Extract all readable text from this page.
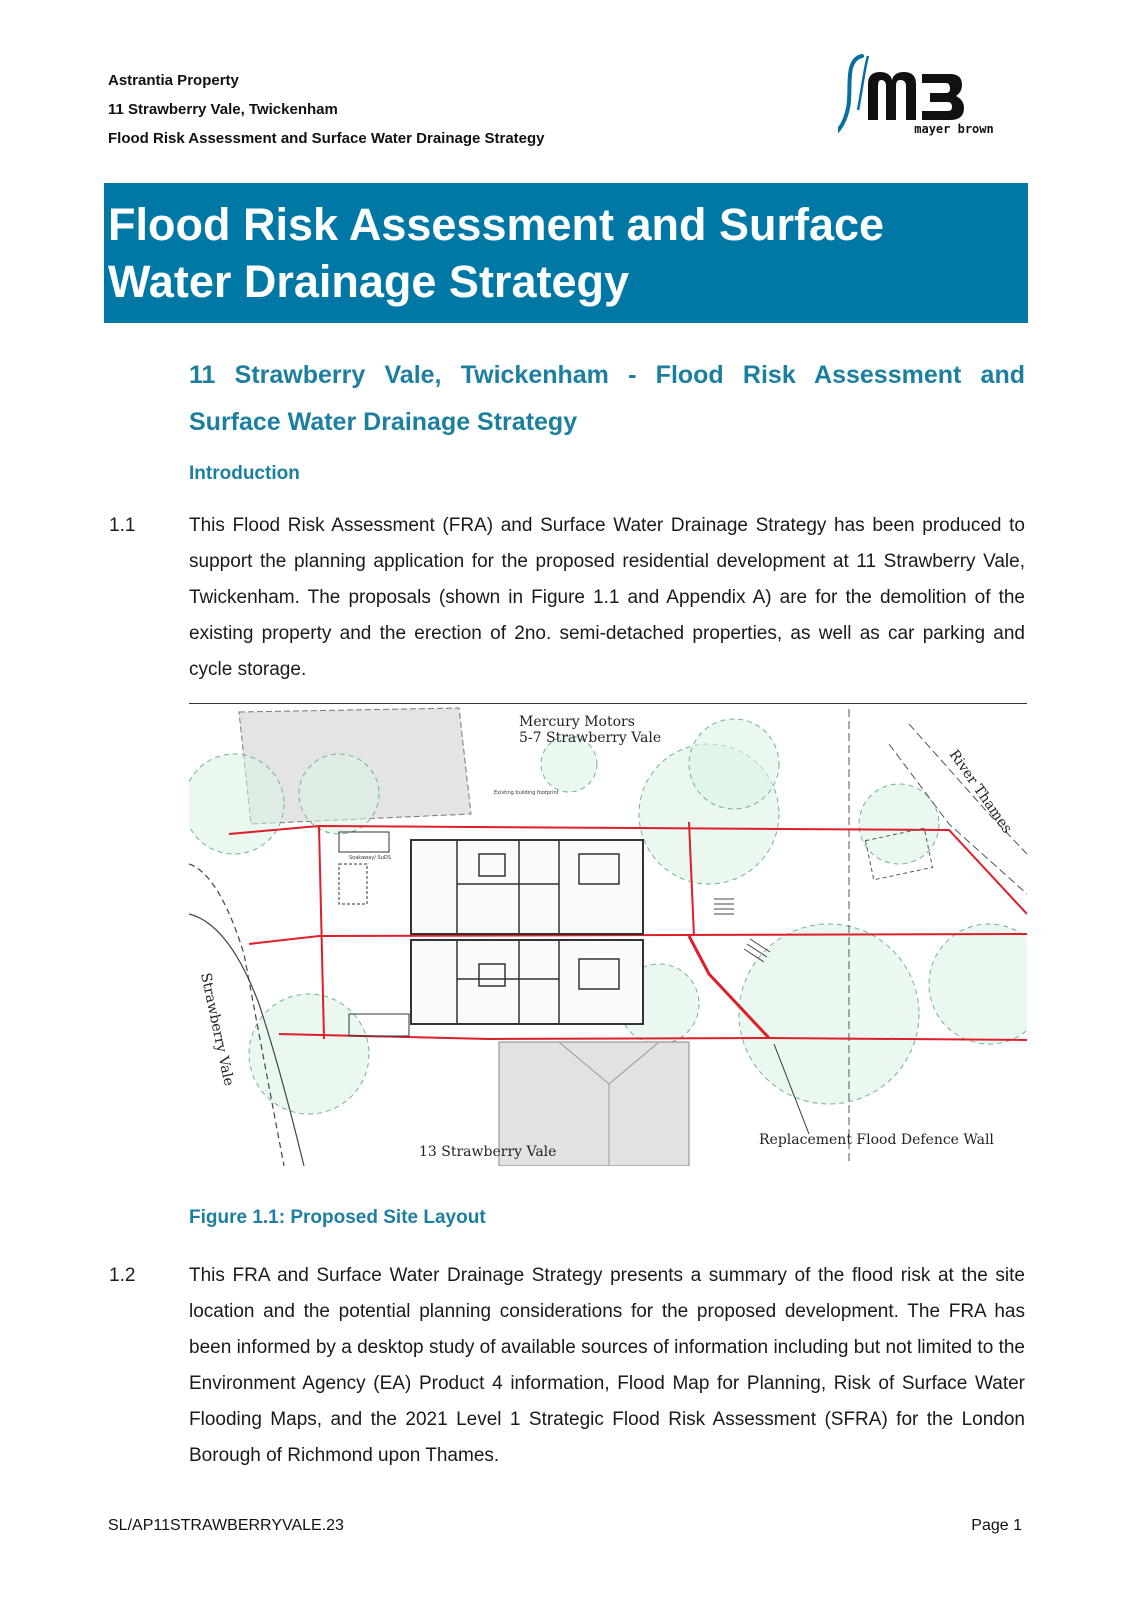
Astrantia Property
11 Strawberry Vale, Twickenham
Flood Risk Assessment and Surface Water Drainage Strategy
mayer brown
Flood Risk Assessment and Surface
Water Drainage Strategy
11 Strawberry Vale, Twickenham - Flood Risk Assessment and Surface Water Drainage Strategy
Introduction
1.1	This Flood Risk Assessment (FRA) and Surface Water Drainage Strategy has been produced to support the planning application for the proposed residential development at 11 Strawberry Vale, Twickenham. The proposals (shown in Figure 1.1 and Appendix A) are for the demolition of the existing property and the erection of 2no. semi-detached properties, as well as car parking and cycle storage.
Mercury Motors
5-7 Strawberry Vale
River Thames
Strawberry Vale
13 Strawberry Vale
Replacement Flood Defence Wall
Existing building footprint
Soakaway/ SuDS
Figure 1.1: Proposed Site Layout
1.2	This FRA and Surface Water Drainage Strategy presents a summary of the flood risk at the site location and the potential planning considerations for the proposed development. The FRA has been informed by a desktop study of available sources of information including but not limited to the Environment Agency (EA) Product 4 information, Flood Map for Planning, Risk of Surface Water Flooding Maps, and the 2021 Level 1 Strategic Flood Risk Assessment (SFRA) for the London Borough of Richmond upon Thames.
SL/AP11STRAWBERRYVALE.23	Page 1
